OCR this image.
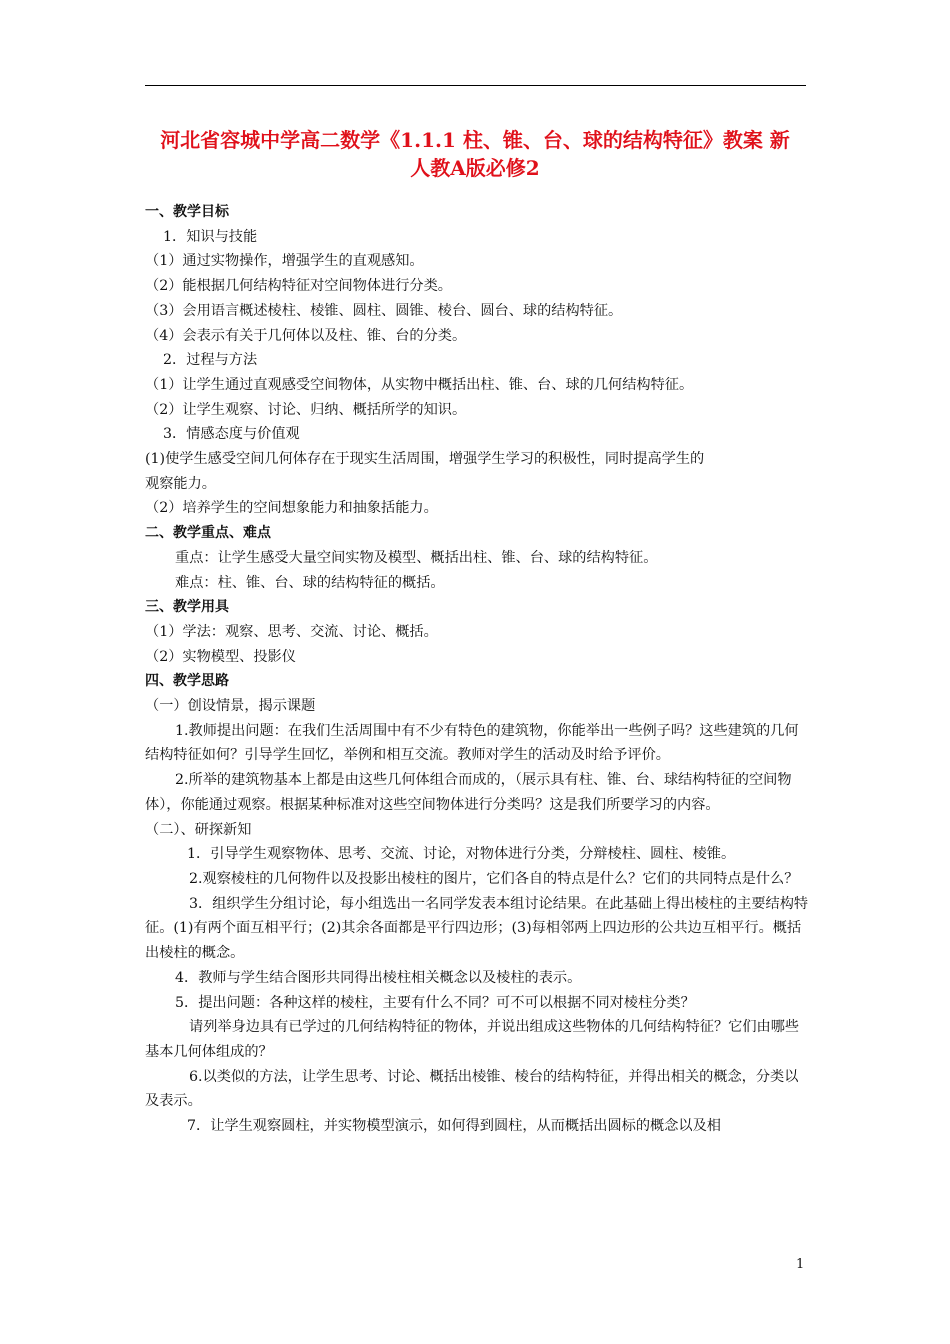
河北省容城中学高二数学《1.1.1 柱、锥、台、球的结构特征》教案 新
人教A版必修2

一、教学目标

1．知识与技能

（1）通过实物操作，增强学生的直观感知。

（2）能根据几何结构特征对空间物体进行分类。

（3）会用语言概述棱柱、棱锥、圆柱、圆锥、棱台、圆台、球的结构特征。

（4）会表示有关于几何体以及柱、锥、台的分类。

2．过程与方法

（1）让学生通过直观感受空间物体，从实物中概括出柱、锥、台、球的几何结构特征。

（2）让学生观察、讨论、归纳、概括所学的知识。

3．情感态度与价值观

(1)使学生感受空间几何体存在于现实生活周围，增强学生学习的积极性，同时提高学生的

观察能力。

（2）培养学生的空间想象能力和抽象括能力。

二、教学重点、难点

重点：让学生感受大量空间实物及模型、概括出柱、锥、台、球的结构特征。

难点：柱、锥、台、球的结构特征的概括。

三、教学用具

（1）学法：观察、思考、交流、讨论、概括。

（2）实物模型、投影仪

四、教学思路

（一）创设情景，揭示课题

1.教师提出问题：在我们生活周围中有不少有特色的建筑物，你能举出一些例子吗？这些建筑的几何结构特征如何？引导学生回忆，举例和相互交流。教师对学生的活动及时给予评价。

2.所举的建筑物基本上都是由这些几何体组合而成的，（展示具有柱、锥、台、球结构特征的空间物体），你能通过观察。根据某种标准对这些空间物体进行分类吗？这是我们所要学习的内容。

（二）、研探新知

1．引导学生观察物体、思考、交流、讨论，对物体进行分类，分辩棱柱、圆柱、棱锥。

2.观察棱柱的几何物件以及投影出棱柱的图片，它们各自的特点是什么？它们的共同特点是什么？

3．组织学生分组讨论，每小组选出一名同学发表本组讨论结果。在此基础上得出棱柱的主要结构特征。(1)有两个面互相平行；(2)其余各面都是平行四边形；(3)每相邻两上四边形的公共边互相平行。概括出棱柱的概念。

4．教师与学生结合图形共同得出棱柱相关概念以及棱柱的表示。

5．提出问题：各种这样的棱柱，主要有什么不同？可不可以根据不同对棱柱分类？

请列举身边具有已学过的几何结构特征的物体，并说出组成这些物体的几何结构特征？它们由哪些基本几何体组成的？

6.以类似的方法，让学生思考、讨论、概括出棱锥、棱台的结构特征，并得出相关的概念，分类以及表示。

7．让学生观察圆柱，并实物模型演示，如何得到圆柱，从而概括出圆标的概念以及相

1
